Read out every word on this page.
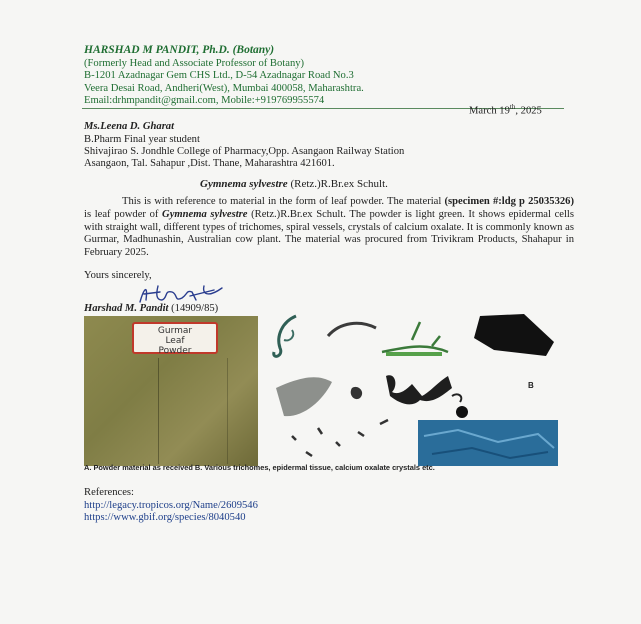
HARSHAD M PANDIT, Ph.D. (Botany)
(Formerly Head and Associate Professor of Botany)
B-1201 Azadnagar Gem CHS Ltd., D-54 Azadnagar Road No.3
Veera Desai Road, Andheri(West), Mumbai 400058, Maharashtra.
Email:drhmpandit@gmail.com, Mobile:+919769955574
March 19th, 2025
Ms.Leena D. Gharat
B.Pharm Final year student
Shivajirao S. Jondhle College of Pharmacy,Opp. Asangaon Railway Station
Asangaon, Tal. Sahapur ,Dist. Thane, Maharashtra 421601.
Gymnema sylvestre (Retz.)R.Br.ex Schult.
This is with reference to material in the form of leaf powder. The material (specimen #:ldg p 25035326) is leaf powder of Gymnema sylvestre (Retz.)R.Br.ex Schult. The powder is light green. It shows epidermal cells with straight wall, different types of trichomes, spiral vessels, crystals of calcium oxalate. It is commonly known as Gurmar, Madhunashin, Australian cow plant. The material was procured from Trivikram Products, Shahapur in February 2025.
Yours sincerely,
Harshad M. Pandit (14909/85)
Gurmar
Leaf
Powder
B
A. Powder material as received B. Various trichomes, epidermal tissue, calcium oxalate crystals etc.
References:
http://legacy.tropicos.org/Name/2609546
https://www.gbif.org/species/8040540
